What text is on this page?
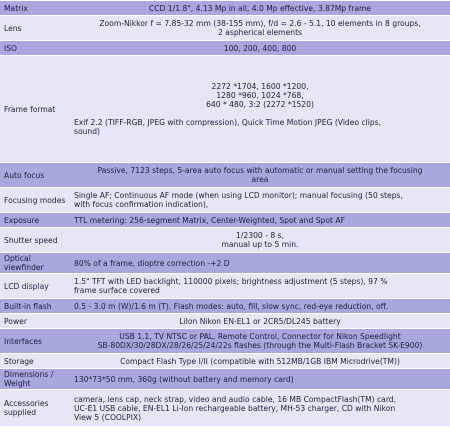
Matrix	CCD 1/1.8", 4.13 Mp in all, 4.0 Mp effective, 3.87Mp frame

Lens	Zoom-Nikkor f = 7.85-32 mm (38-155 mm), f/d = 2.6 - 5.1, 10 elements in 8 groups,
2 aspherical elements

ISO	100, 200, 400, 800

Frame format	2272 *1704, 1600 *1200,
1280 *960, 1024 *768,
640 * 480, 3:2 (2272 *1520)

Exif 2.2 (TIFF-RGB, JPEG with compression), Quick Time Motion JPEG (Video clips,
sound)

Auto focus	Passive, 7123 steps, 5-area auto focus with automatic or manual setting the focusing
area

Focusing modes	Single AF; Continuous AF mode (when using LCD monitor); manual focusing (50 steps,
with focus confirmation indication),

Exposure	TTL metering: 256-segment Matrix, Center-Weighted, Spot and Spot AF

Shutter speed	1/2300 - 8 s,
manual up to 5 min.

Optical viewfinder	80% of a frame, dioptre correction -+2 D

LCD display	1.5" TFT with LED backlight, 110000 pixels; brightness adjustment (5 steps), 97 %
frame surface covered

Built-in flash	0.5 - 3.0 m (W)/1.6 m (T). Flash modes: auto, fill, slow sync, red-eye reduction, off.

Power	LiIon Nikon EN-EL1 or 2CR5/DL245 battery

Interfaces	USB 1.1, TV NTSC or PAL, Remote Control, Connector for Nikon Speedlight
SB-80DX/30/28DX/28/26/25/24/22s flashes (through the Multi-Flash Bracket SK-E900)

Storage	Compact Flash Type I/II (compatible with 512MB/1GB IBM Microdrive(TM))

Dimensions / Weight	130*73*50 mm, 360g (without battery and memory card)

Accessories supplied	camera, lens cap, neck strap, video and audio cable, 16 MB CompactFlash(TM) card,
UC-E1 USB cable, EN-EL1 Li-Ion rechargeable battery, MH-53 charger, CD with Nikon
View 5 (COOLPIX)
